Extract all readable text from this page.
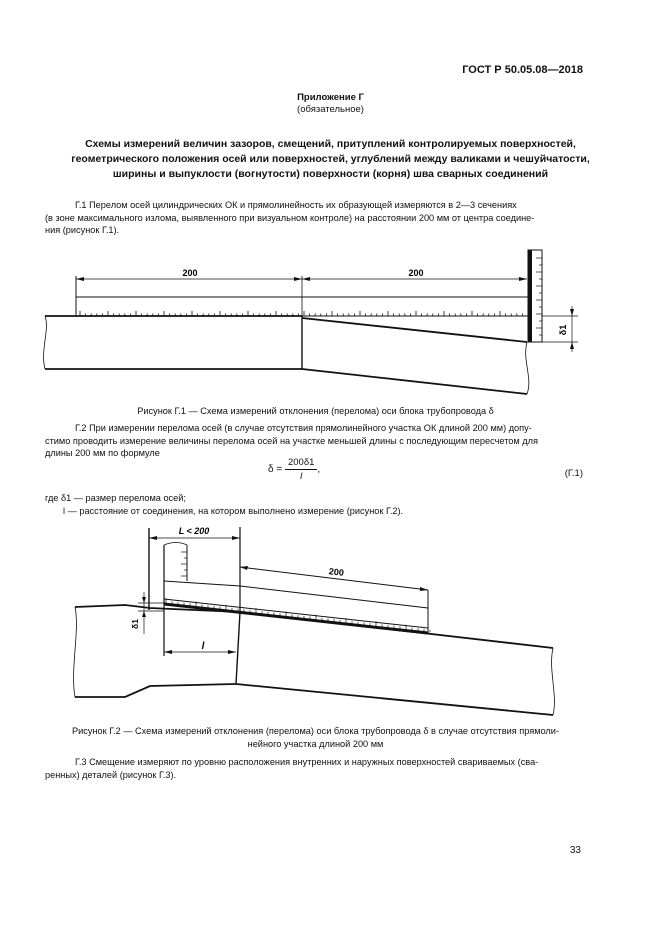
ГОСТ Р 50.05.08—2018
Приложение Г
(обязательное)
Схемы измерений величин зазоров, смещений, притуплений контролируемых поверхностей, геометрического положения осей или поверхностей, углублений между валиками и чешуйчатости, ширины и выпуклости (вогнутости) поверхности (корня) шва сварных соединений
Г.1 Перелом осей цилиндрических ОК и прямолинейность их образующей измеряются в 2—3 сечениях
(в зоне максимального излома, выявленного при визуальном контроле) на расстоянии 200 мм от центра соедине-
ния (рисунок Г.1).
200	200
δ1
Рисунок Г.1 — Схема измерений отклонения (перелома) оси блока трубопровода δ
Г.2 При измерении перелома осей (в случае отсутствия прямолинейного участка ОК длиной 200 мм) допу-
стимо проводить измерение величины перелома осей на участке меньшей длины с последующим пересчетом для
длины 200 мм по формуле
$\delta = \frac{200\delta 1}{l}$ ,	(Г.1)
где δ1 — размер перелома осей;
l — расстояние от соединения, на котором выполнено измерение (рисунок Г.2).
L < 200
200
l
δ1
Рисунок Г.2 — Схема измерений отклонения (перелома) оси блока трубопровода δ в случае отсутствия прямоли-
нейного участка длиной 200 мм
Г.3 Смещение измеряют по уровню расположения внутренних и наружных поверхностей свариваемых (сва-
ренных) деталей (рисунок Г.3).
33
